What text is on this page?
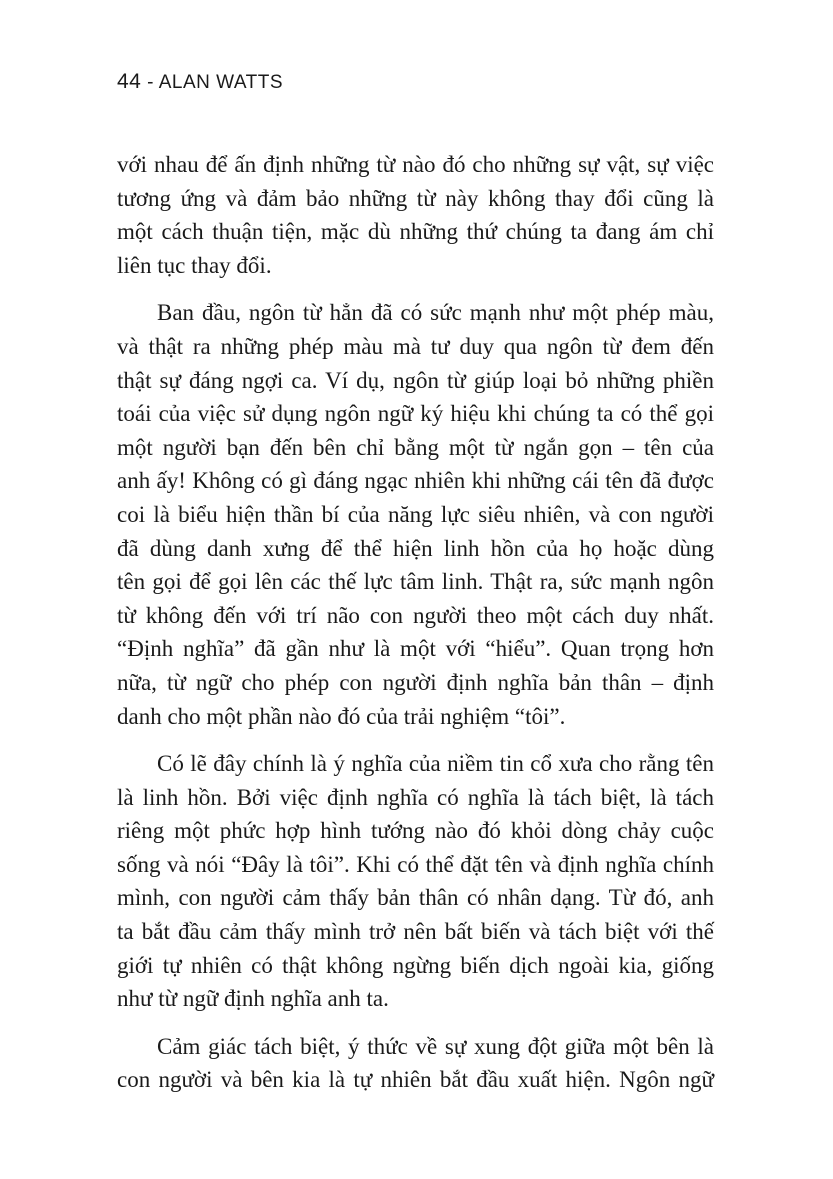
44 - ALAN WATTS
với nhau để ấn định những từ nào đó cho những sự vật, sự việc
tương ứng và đảm bảo những từ này không thay đổi cũng là
một cách thuận tiện, mặc dù những thứ chúng ta đang ám chỉ
liên tục thay đổi.
Ban đầu, ngôn từ hẳn đã có sức mạnh như một phép màu,
và thật ra những phép màu mà tư duy qua ngôn từ đem đến
thật sự đáng ngợi ca. Ví dụ, ngôn từ giúp loại bỏ những phiền
toái của việc sử dụng ngôn ngữ ký hiệu khi chúng ta có thể gọi
một người bạn đến bên chỉ bằng một từ ngắn gọn – tên của
anh ấy! Không có gì đáng ngạc nhiên khi những cái tên đã được
coi là biểu hiện thần bí của năng lực siêu nhiên, và con người
đã dùng danh xưng để thể hiện linh hồn của họ hoặc dùng
tên gọi để gọi lên các thế lực tâm linh. Thật ra, sức mạnh ngôn
từ không đến với trí não con người theo một cách duy nhất.
“Định nghĩa” đã gần như là một với “hiểu”. Quan trọng hơn
nữa, từ ngữ cho phép con người định nghĩa bản thân – định
danh cho một phần nào đó của trải nghiệm “tôi”.
Có lẽ đây chính là ý nghĩa của niềm tin cổ xưa cho rằng tên
là linh hồn. Bởi việc định nghĩa có nghĩa là tách biệt, là tách
riêng một phức hợp hình tướng nào đó khỏi dòng chảy cuộc
sống và nói “Đây là tôi”. Khi có thể đặt tên và định nghĩa chính
mình, con người cảm thấy bản thân có nhân dạng. Từ đó, anh
ta bắt đầu cảm thấy mình trở nên bất biến và tách biệt với thế
giới tự nhiên có thật không ngừng biến dịch ngoài kia, giống
như từ ngữ định nghĩa anh ta.
Cảm giác tách biệt, ý thức về sự xung đột giữa một bên là
con người và bên kia là tự nhiên bắt đầu xuất hiện. Ngôn ngữ
